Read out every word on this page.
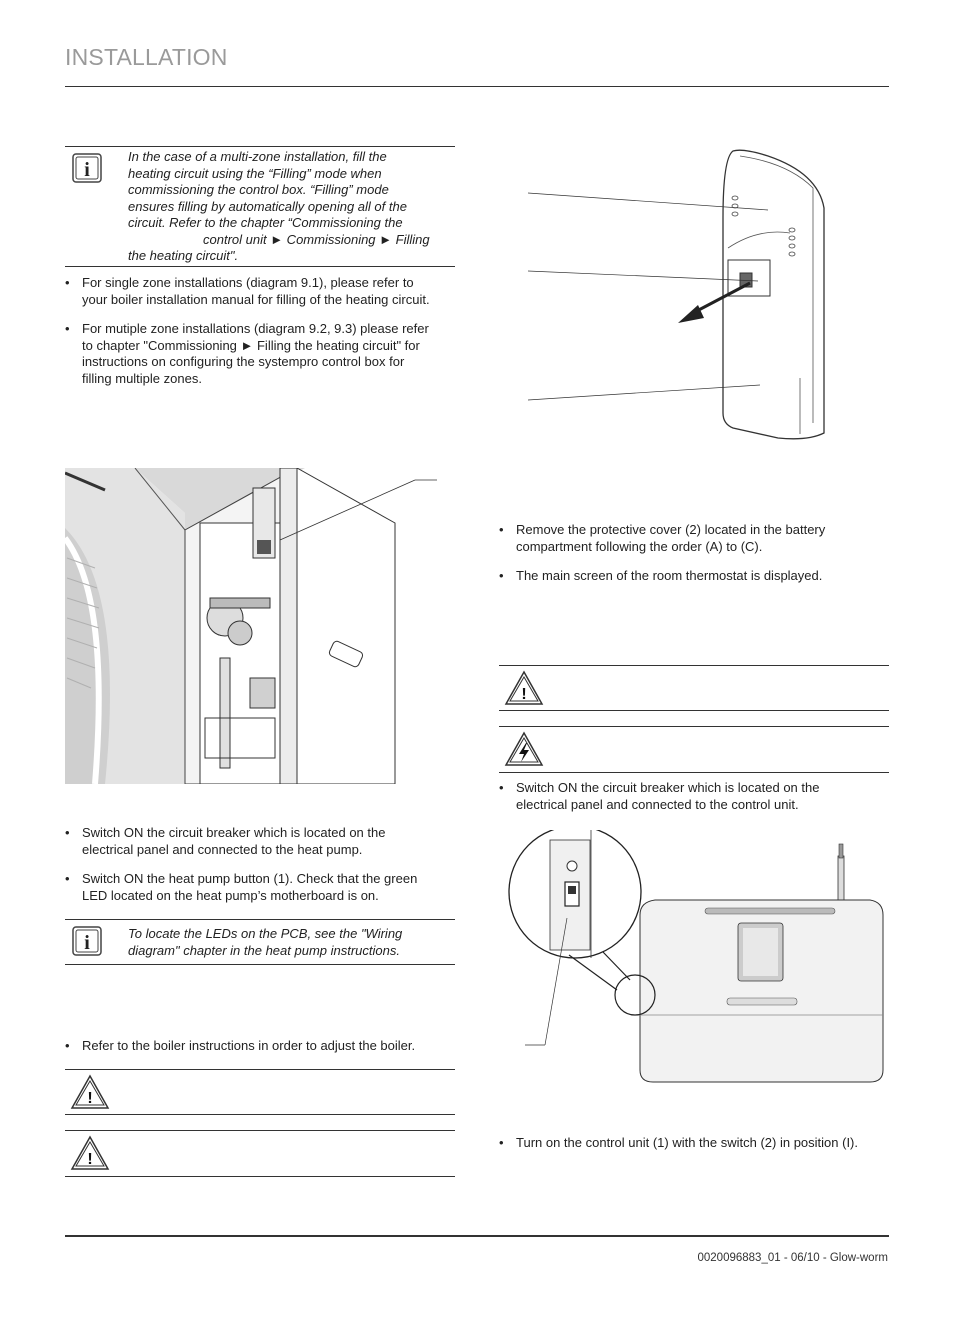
INSTALLATION
i
In the case of a multi-zone installation, fill the
heating circuit using the “Filling” mode when
commissioning the control box. “Filling” mode
ensures filling by automatically opening all of the
circuit. Refer to the chapter “Commissioning the
control unit ► Commissioning ► Filling
the heating circuit".
• For single zone installations (diagram 9.1), please refer to
your boiler installation manual for filling of the heating circuit.
• For mutiple zone installations (diagram 9.2, 9.3) please refer
to chapter "Commissioning ► Filling the heating circuit" for
instructions on configuring the systempro control box for
filling multiple zones.
• Switch ON the circuit breaker which is located on the
electrical panel and connected to the heat pump.
• Switch ON the heat pump button (1). Check that the green
LED located on the heat pump’s motherboard is on.
i	To locate the LEDs on the PCB, see the "Wiring
diagram" chapter in the heat pump instructions.
• Refer to the boiler instructions in order to adjust the boiler.
!
!
• Remove the protective cover (2) located in the battery
compartment following the order (A) to (C).
• The main screen of the room thermostat is displayed.
!
• Switch ON the circuit breaker which is located on the
electrical panel and connected to the control unit.
• Turn on the control unit (1) with the switch (2) in position (I).
0020096883_01 - 06/10 - Glow-worm
